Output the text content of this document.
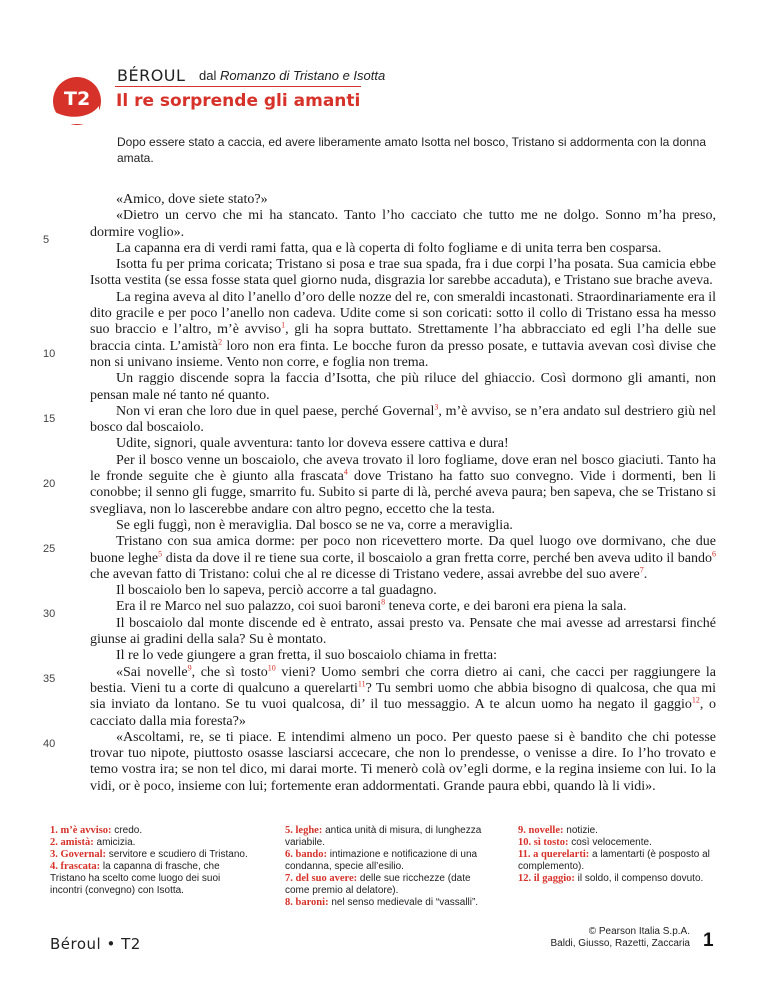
T2
BÉROUL dal Romanzo di Tristano e Isotta
Il re sorprende gli amanti
Dopo essere stato a caccia, ed avere liberamente amato Isotta nel bosco, Tristano si addormenta con la donna amata.
5
10
15
20
25
30
35
40

«Amico, dove siete stato?»

«Dietro un cervo che mi ha stancato. Tanto l’ho cacciato che tutto me ne dolgo. Sonno m’ha preso, dormire voglio».

La capanna era di verdi rami fatta, qua e là coperta di folto fogliame e di unita terra ben cosparsa.

Isotta fu per prima coricata; Tristano si posa e trae sua spada, fra i due corpi l’ha posata. Sua camicia ebbe Isotta vestita (se essa fosse stata quel giorno nuda, disgrazia lor sarebbe accaduta), e Tristano sue brache aveva.

La regina aveva al dito l’anello d’oro delle nozze del re, con smeraldi incastonati. Straordinariamente era il dito gracile e per poco l’anello non cadeva. Udite come si son coricati: sotto il collo di Tristano essa ha messo suo braccio e l’altro, m’è avviso$^1$, gli ha sopra buttato. Strettamente l’ha abbracciato ed egli l’ha delle sue braccia cinta. L’amistà$^2$ loro non era finta. Le bocche furon da presso posate, e tuttavia avevan così divise che non si univano insieme. Vento non corre, e foglia non trema.

Un raggio discende sopra la faccia d’Isotta, che più riluce del ghiaccio. Così dormono gli amanti, non pensan male né tanto né quanto.

Non vi eran che loro due in quel paese, perché Governal$^3$, m’è avviso, se n’era andato sul destriero giù nel bosco dal boscaiolo.

Udite, signori, quale avventura: tanto lor doveva essere cattiva e dura!

Per il bosco venne un boscaiolo, che aveva trovato il loro fogliame, dove eran nel bosco giaciuti. Tanto ha le fronde seguite che è giunto alla frascata$^4$ dove Tristano ha fatto suo convegno. Vide i dormenti, ben li conobbe; il senno gli fugge, smarrito fu. Subito si parte di là, perché aveva paura; ben sapeva, che se Tristano si svegliava, non lo lascerebbe andare con altro pegno, eccetto che la testa.

Se egli fuggì, non è meraviglia. Dal bosco se ne va, corre a meraviglia.

Tristano con sua amica dorme: per poco non ricevettero morte. Da quel luogo ove dormivano, che due buone leghe$^5$ dista da dove il re tiene sua corte, il boscaiolo a gran fretta corre, perché ben aveva udito il bando$^6$ che avevan fatto di Tristano: colui che al re dicesse di Tristano vedere, assai avrebbe del suo avere$^7$.

Il boscaiolo ben lo sapeva, perciò accorre a tal guadagno.

Era il re Marco nel suo palazzo, coi suoi baroni$^8$ teneva corte, e dei baroni era piena la sala.

Il boscaiolo dal monte discende ed è entrato, assai presto va. Pensate che mai avesse ad arrestarsi finché giunse ai gradini della sala? Su è montato.

Il re lo vede giungere a gran fretta, il suo boscaiolo chiama in fretta:

«Sai novelle$^9$, che sì tosto$^{10}$ vieni? Uomo sembri che corra dietro ai cani, che cacci per raggiungere la bestia. Vieni tu a corte di qualcuno a querelarti$^{11}$? Tu sembri uomo che abbia bisogno di qualcosa, che qua mi sia inviato da lontano. Se tu vuoi qualcosa, di’ il tuo messaggio. A te alcun uomo ha negato il gaggio$^{12}$, o cacciato dalla mia foresta?»

«Ascoltami, re, se ti piace. E intendimi almeno un poco. Per questo paese si è bandito che chi potesse trovar tuo nipote, piuttosto osasse lasciarsi accecare, che non lo prendesse, o venisse a dire. Io l’ho trovato e temo vostra ira; se non tel dico, mi darai morte. Ti menerò colà ov’egli dorme, e la regina insieme con lui. Io la vidi, or è poco, insieme con lui; fortemente eran addormentati. Grande paura ebbi, quando là li vidi».

1. m’è avviso: credo.
2. amistà: amicizia.
3. Governal: servitore e scudiero di Tristano.
4. frascata: la capanna di frasche, che Tristano ha scelto come luogo dei suoi incontri (convegno) con Isotta.
5. leghe: antica unità di misura, di lunghezza variabile.
6. bando: intimazione e notificazione di una condanna, specie all’esilio.
7. del suo avere: delle sue ricchezze (date come premio al delatore).
8. baroni: nel senso medievale di “vassalli”.
9. novelle: notizie.
10. sì tosto: così velocemente.
11. a querelarti: a lamentarti (è posposto al complemento).
12. il gaggio: il soldo, il compenso dovuto.
Béroul • T2
© Pearson Italia S.p.A.
Baldi, Giusso, Razetti, Zaccaria 1
